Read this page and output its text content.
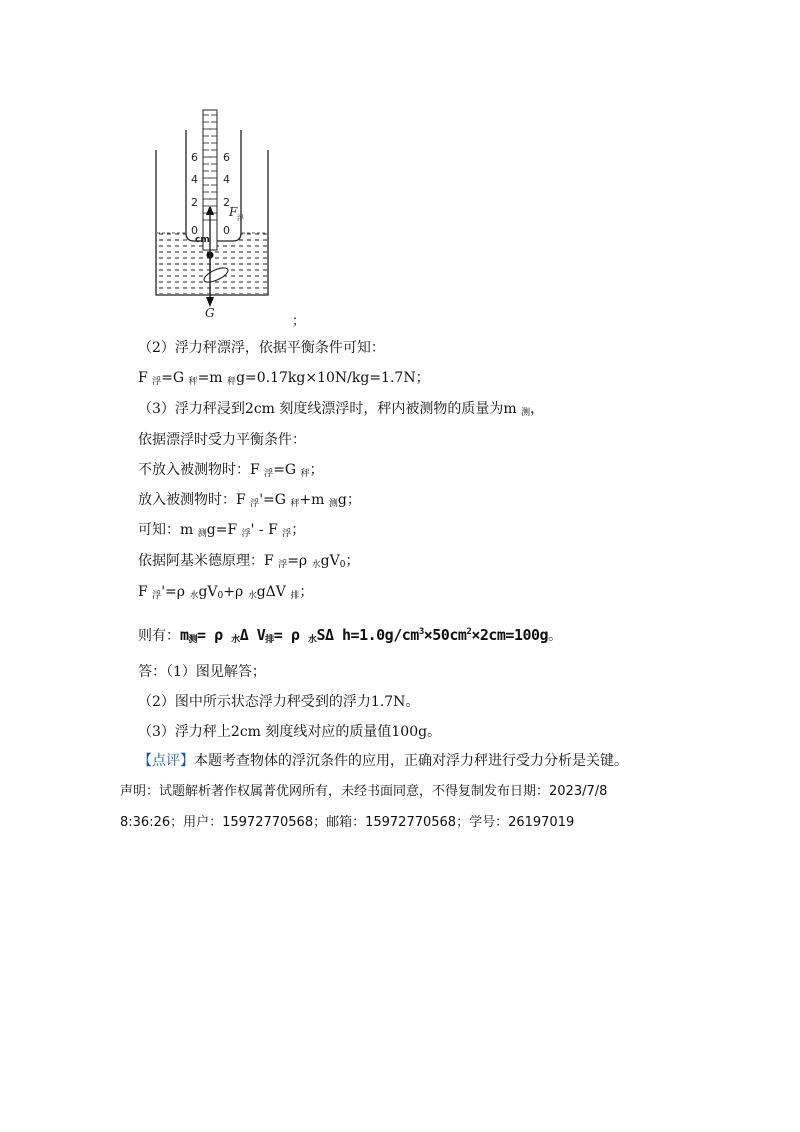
6
4
2
0
6
4
2
0
cm
F 浮
G
；
（2）浮力秤漂浮，依据平衡条件可知：
F $_浮$=G $_秤$=m $_秤$g=0.17kg×10N/kg=1.7N；
（3）浮力秤浸到2cm 刻度线漂浮时，秤内被测物的质量为m $_测$，
依据漂浮时受力平衡条件：
不放入被测物时：F $_浮$=G $_秤$；
放入被测物时：F $_浮$'=G $_秤$+m $_测$g；
可知：m $_测$g=F $_浮$' - F $_浮$；
依据阿基米德原理：F $_浮$=ρ $_水gV_0$；
F $_浮$'=ρ $_水gV_0+\rho$ $_水$gΔV $_排$；
则有：$m_测= \rho$ $_水$Δ $V_排= \rho$ $_水$SΔ $h=1.0g/cm^3\times 50cm^2\times 2cm=100g$。
答：（1）图见解答；
（2）图中所示状态浮力秤受到的浮力1.7N。
（3）浮力秤上2cm 刻度线对应的质量值100g。
【点评】本题考查物体的浮沉条件的应用，正确对浮力秤进行受力分析是关键。
声明：试题解析著作权属菁优网所有，未经书面同意，不得复制发布日期：2023/7/8
8:36:26；用户：15972770568；邮箱：15972770568；学号：26197019
